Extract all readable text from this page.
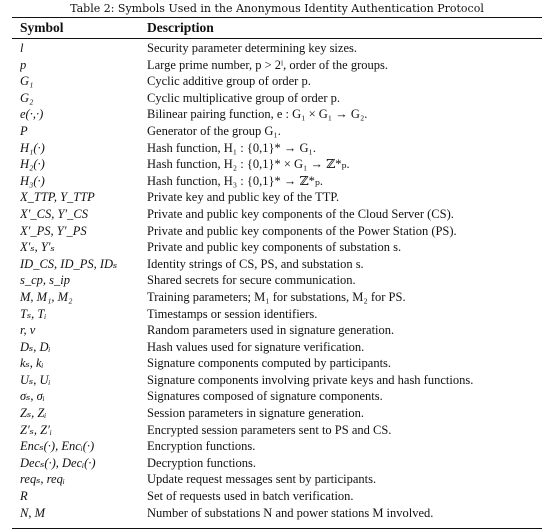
Table 2: Symbols Used in the Anonymous Identity Authentication Protocol
Symbol	Description
l	Security parameter determining key sizes.
p	Large prime number, p > 2ˡ, order of the groups.
G₁	Cyclic additive group of order p.
G₂	Cyclic multiplicative group of order p.
e(·,·)	Bilinear pairing function, e : G₁ × G₁ → G₂.
P	Generator of the group G₁.
H₁(·)	Hash function, H₁ : {0,1}* → G₁.
H₂(·)	Hash function, H₂ : {0,1}* × G₁ → ℤ*ₚ.
H₃(·)	Hash function, H₃ : {0,1}* → ℤ*ₚ.
X_TTP, Y_TTP	Private key and public key of the TTP.
X′_CS, Y′_CS	Private and public key components of the Cloud Server (CS).
X′_PS, Y′_PS	Private and public key components of the Power Station (PS).
X′ₛ, Y′ₛ	Private and public key components of substation s.
ID_CS, ID_PS, IDₛ	Identity strings of CS, PS, and substation s.
s_cp, s_ip	Shared secrets for secure communication.
M, M₁, M₂	Training parameters; M₁ for substations, M₂ for PS.
Tₛ, Tᵢ	Timestamps or session identifiers.
r, v	Random parameters used in signature generation.
Dₛ, Dᵢ	Hash values used for signature verification.
kₛ, kᵢ	Signature components computed by participants.
Uₛ, Uᵢ	Signature components involving private keys and hash functions.
σₛ, σᵢ	Signatures composed of signature components.
Zₛ, Zᵢ	Session parameters in signature generation.
Z′ₛ, Z′ᵢ	Encrypted session parameters sent to PS and CS.
Encₛ(·), Encᵢ(·)	Encryption functions.
Decₛ(·), Decᵢ(·)	Decryption functions.
reqₛ, reqᵢ	Update request messages sent by participants.
R	Set of requests used in batch verification.
N, M	Number of substations N and power stations M involved.
